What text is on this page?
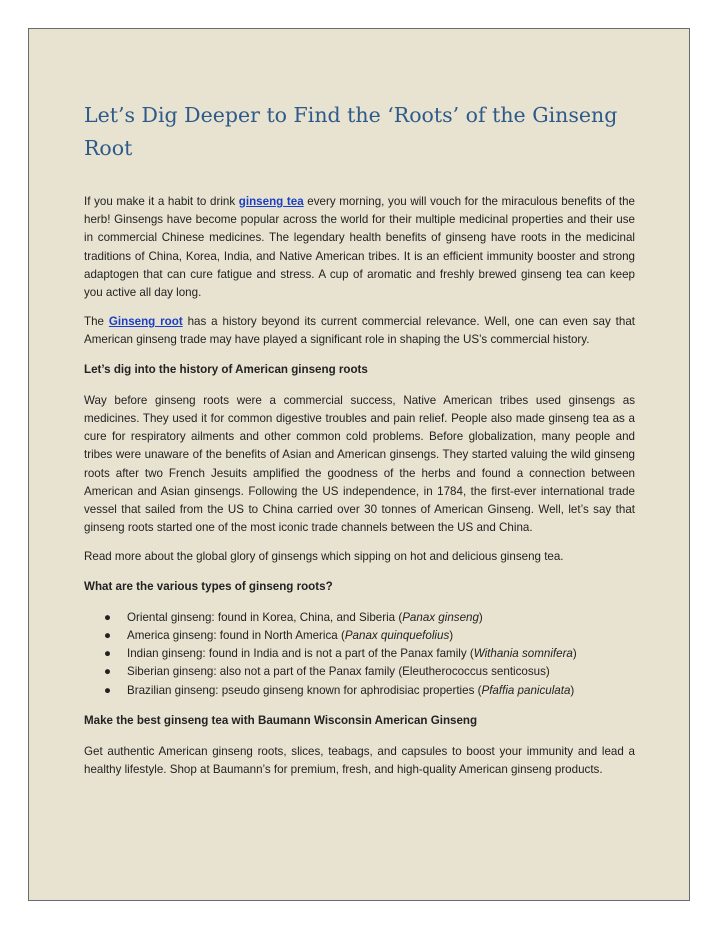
Let’s Dig Deeper to Find the ‘Roots’ of the Ginseng Root

If you make it a habit to drink ginseng tea every morning, you will vouch for the miraculous benefits of the herb! Ginsengs have become popular across the world for their multiple medicinal properties and their use in commercial Chinese medicines. The legendary health benefits of ginseng have roots in the medicinal traditions of China, Korea, India, and Native American tribes. It is an efficient immunity booster and strong adaptogen that can cure fatigue and stress. A cup of aromatic and freshly brewed ginseng tea can keep you active all day long.

The Ginseng root has a history beyond its current commercial relevance. Well, one can even say that American ginseng trade may have played a significant role in shaping the US’s commercial history.

Let’s dig into the history of American ginseng roots

Way before ginseng roots were a commercial success, Native American tribes used ginsengs as medicines. They used it for common digestive troubles and pain relief. People also made ginseng tea as a cure for respiratory ailments and other common cold problems. Before globalization, many people and tribes were unaware of the benefits of Asian and American ginsengs. They started valuing the wild ginseng roots after two French Jesuits amplified the goodness of the herbs and found a connection between American and Asian ginsengs. Following the US independence, in 1784, the first-ever international trade vessel that sailed from the US to China carried over 30 tonnes of American Ginseng. Well, let’s say that ginseng roots started one of the most iconic trade channels between the US and China.

Read more about the global glory of ginsengs which sipping on hot and delicious ginseng tea.

What are the various types of ginseng roots?

● Oriental ginseng: found in Korea, China, and Siberia (Panax ginseng)
● America ginseng: found in North America (Panax quinquefolius)
● Indian ginseng: found in India and is not a part of the Panax family (Withania somnifera)
● Siberian ginseng: also not a part of the Panax family (Eleutherococcus senticosus)
● Brazilian ginseng: pseudo ginseng known for aphrodisiac properties (Pfaffia paniculata)

Make the best ginseng tea with Baumann Wisconsin American Ginseng

Get authentic American ginseng roots, slices, teabags, and capsules to boost your immunity and lead a healthy lifestyle. Shop at Baumann’s for premium, fresh, and high-quality American ginseng products.
